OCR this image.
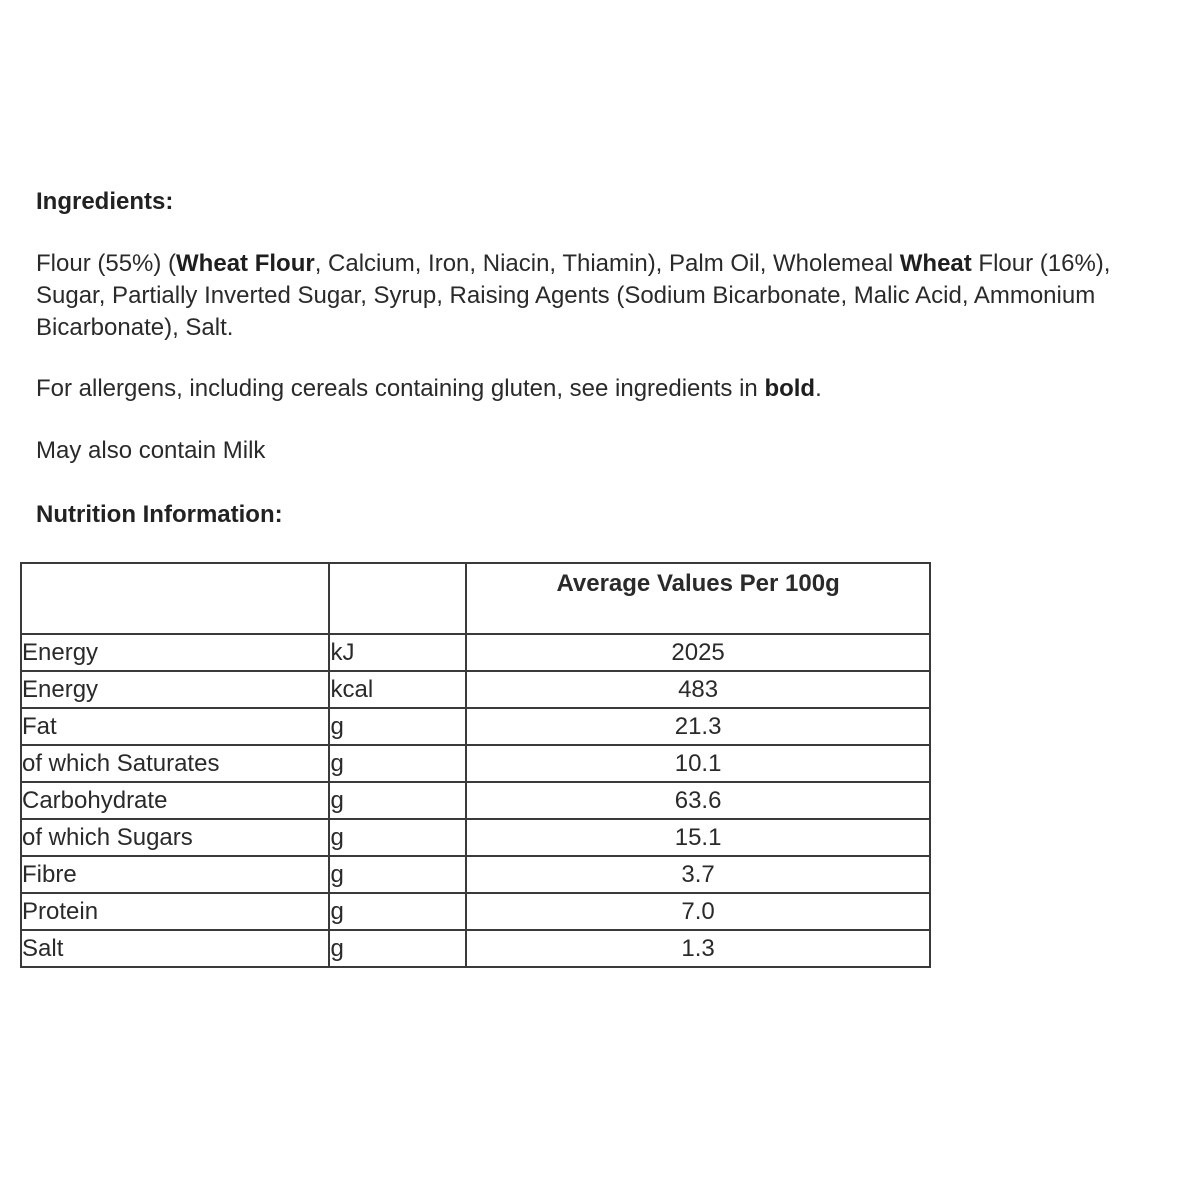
Ingredients:

Flour (55%) (Wheat Flour, Calcium, Iron, Niacin, Thiamin), Palm Oil, Wholemeal Wheat Flour (16%), Sugar, Partially Inverted Sugar, Syrup, Raising Agents (Sodium Bicarbonate, Malic Acid, Ammonium Bicarbonate), Salt.

For allergens, including cereals containing gluten, see ingredients in bold.

May also contain Milk

Nutrition Information:
		Average Values Per 100g
Energy	kJ	2025
Energy	kcal	483
Fat	g	21.3
of which Saturates	g	10.1
Carbohydrate	g	63.6
of which Sugars	g	15.1
Fibre	g	3.7
Protein	g	7.0
Salt	g	1.3
